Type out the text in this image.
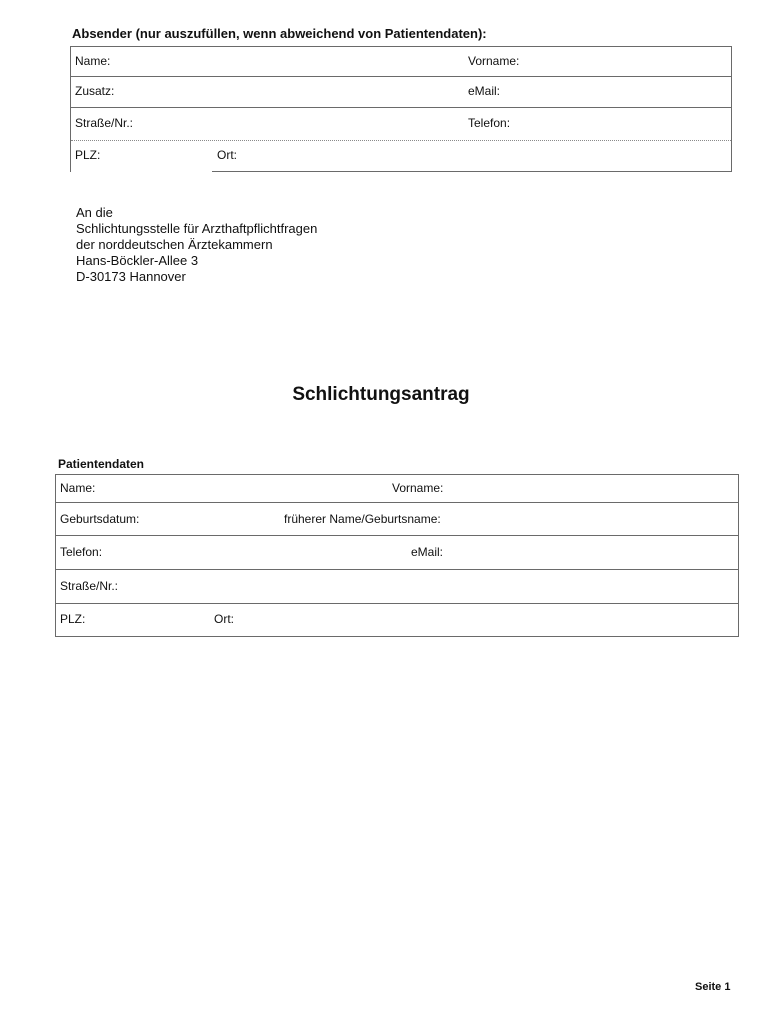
Absender (nur auszufüllen, wenn abweichend von Patientendaten):
Name:	Vorname:
Zusatz:	eMail:
Straße/Nr.:	Telefon:
PLZ:	Ort:
An die
Schlichtungsstelle für Arzthaftpflichtfragen
der norddeutschen Ärztekammern
Hans-Böckler-Allee 3
D-30173 Hannover
Schlichtungsantrag
Patientendaten
Name:	Vorname:
Geburtsdatum:	früherer Name/Geburtsname:
Telefon:	eMail:
Straße/Nr.:
PLZ:	Ort:
Seite 1
